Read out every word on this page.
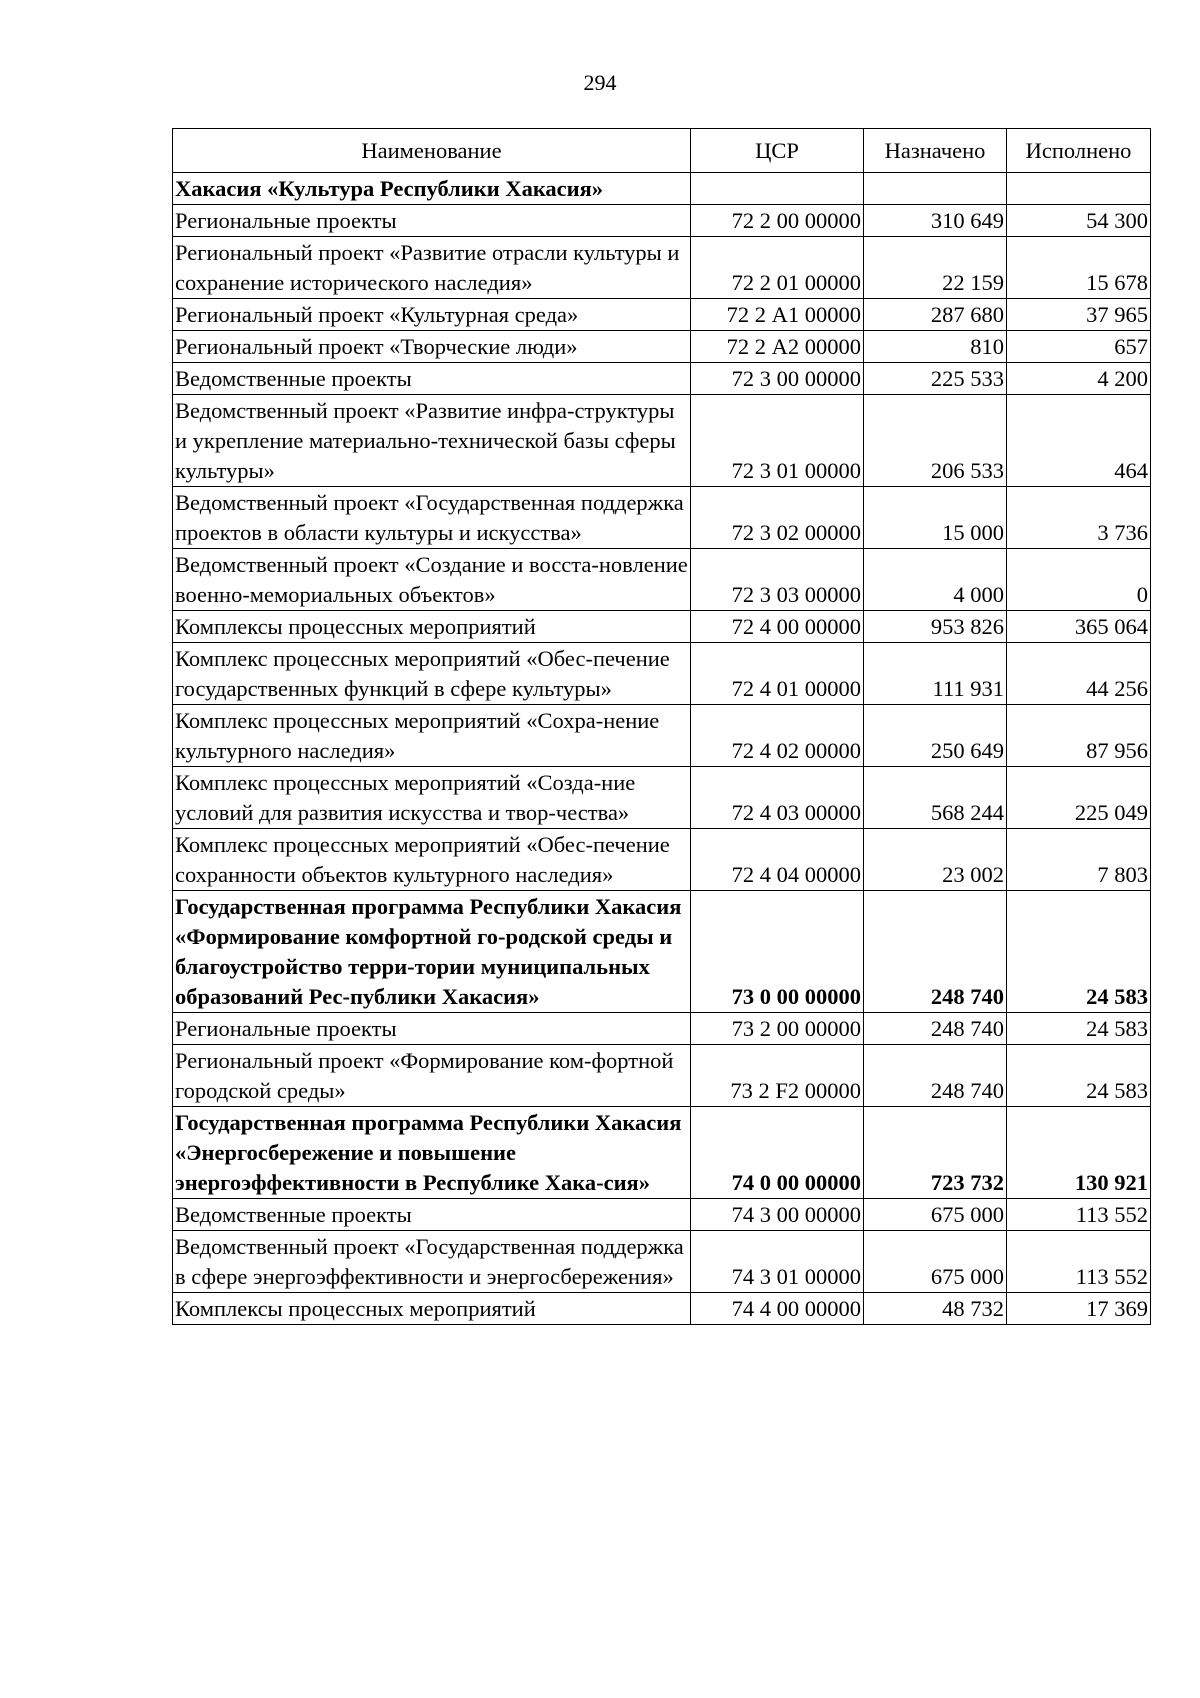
294
Наименование	ЦСР	Назначено	Исполнено
Хакасия «Культура Республики Хакасия»			
Региональные проекты	72 2 00 00000	310 649	54 300
Региональный проект «Развитие отрасли культуры и сохранение исторического наследия»	72 2 01 00000	22 159	15 678
Региональный проект «Культурная среда»	72 2 А1 00000	287 680	37 965
Региональный проект «Творческие люди»	72 2 А2 00000	810	657
Ведомственные проекты	72 3 00 00000	225 533	4 200
Ведомственный проект «Развитие инфра-структуры и укрепление материально-технической базы сферы культуры»	72 3 01 00000	206 533	464
Ведомственный проект «Государственная поддержка проектов в области культуры и искусства»	72 3 02 00000	15 000	3 736
Ведомственный проект «Создание и восста-новление военно-мемориальных объектов»	72 3 03 00000	4 000	0
Комплексы процессных мероприятий	72 4 00 00000	953 826	365 064
Комплекс процессных мероприятий «Обес-печение государственных функций в сфере культуры»	72 4 01 00000	111 931	44 256
Комплекс процессных мероприятий «Сохра-нение культурного наследия»	72 4 02 00000	250 649	87 956
Комплекс процессных мероприятий «Созда-ние условий для развития искусства и твор-чества»	72 4 03 00000	568 244	225 049
Комплекс процессных мероприятий «Обес-печение сохранности объектов культурного наследия»	72 4 04 00000	23 002	7 803
Государственная программа Республики Хакасия «Формирование комфортной го-родской среды и благоустройство терри-тории муниципальных образований Рес-публики Хакасия»	73 0 00 00000	248 740	24 583
Региональные проекты	73 2 00 00000	248 740	24 583
Региональный проект «Формирование ком-фортной городской среды»	73 2 F2 00000	248 740	24 583
Государственная программа Республики Хакасия «Энергосбережение и повышение энергоэффективности в Республике Хака-сия»	74 0 00 00000	723 732	130 921
Ведомственные проекты	74 3 00 00000	675 000	113 552
Ведомственный проект «Государственная поддержка в сфере энергоэффективности и энергосбережения»	74 3 01 00000	675 000	113 552
Комплексы процессных мероприятий	74 4 00 00000	48 732	17 369
